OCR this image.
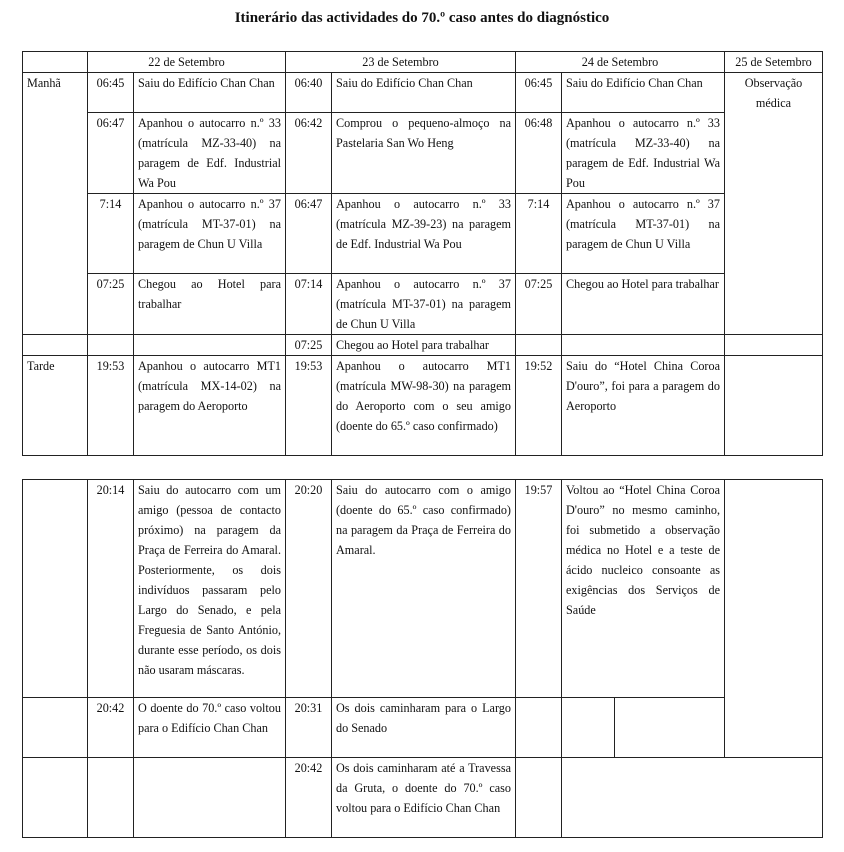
Itinerário das actividades do 70.º caso antes do diagnóstico
	22 de Setembro		23 de Setembro		24 de Setembro		25 de Setembro
Manhã	06:45	Saiu do Edifício Chan Chan	06:40	Saiu do Edifício Chan Chan	06:45	Saiu do Edifício Chan Chan	Observação médica
	06:47	Apanhou o autocarro n.º 33 (matrícula MZ-33-40) na paragem de Edf. Industrial Wa Pou	06:42	Comprou o pequeno-almoço na Pastelaria San Wo Heng	06:48	Apanhou o autocarro n.º 33 (matrícula MZ-33-40) na paragem de Edf. Industrial Wa Pou	
	7:14	Apanhou o autocarro n.º 37 (matrícula MT-37-01) na paragem de Chun U Villa	06:47	Apanhou o autocarro n.º 33 (matrícula MZ-39-23) na paragem de Edf. Industrial Wa Pou	7:14	Apanhou o autocarro n.º 37 (matrícula MT-37-01) na paragem de Chun U Villa	
	07:25	Chegou ao Hotel para trabalhar	07:14	Apanhou o autocarro n.º 37 (matrícula MT-37-01) na paragem de Chun U Villa	07:25	Chegou ao Hotel para trabalhar	
			07:25	Chegou ao Hotel para trabalhar			
Tarde	19:53	Apanhou o autocarro MT1 (matrícula MX-14-02) na paragem do Aeroporto	19:53	Apanhou o autocarro MT1 (matrícula MW-98-30) na paragem do Aeroporto com o seu amigo (doente do 65.º caso confirmado)	19:52	Saiu do “Hotel China Coroa D'ouro”, foi para a paragem do Aeroporto	
	20:14	Saiu do autocarro com um amigo (pessoa de contacto próximo) na paragem da Praça de Ferreira do Amaral. Posteriormente, os dois indivíduos passaram pelo Largo do Senado, e pela Freguesia de Santo António, durante esse período, os dois não usaram máscaras.	20:20	Saiu do autocarro com o amigo (doente do 65.º caso confirmado) na paragem da Praça de Ferreira do Amaral.	19:57	Voltou ao “Hotel China Coroa D'ouro” no mesmo caminho, foi submetido a observação médica no Hotel e a teste de ácido nucleico consoante as exigências dos Serviços de Saúde		
	20:42	O doente do 70.º caso voltou para o Edifício Chan Chan	20:31	Os dois caminharam para o Largo do Senado				
			20:42	Os dois caminharam até a Travessa da Gruta, o doente do 70.º caso voltou para o Edifício Chan Chan				
